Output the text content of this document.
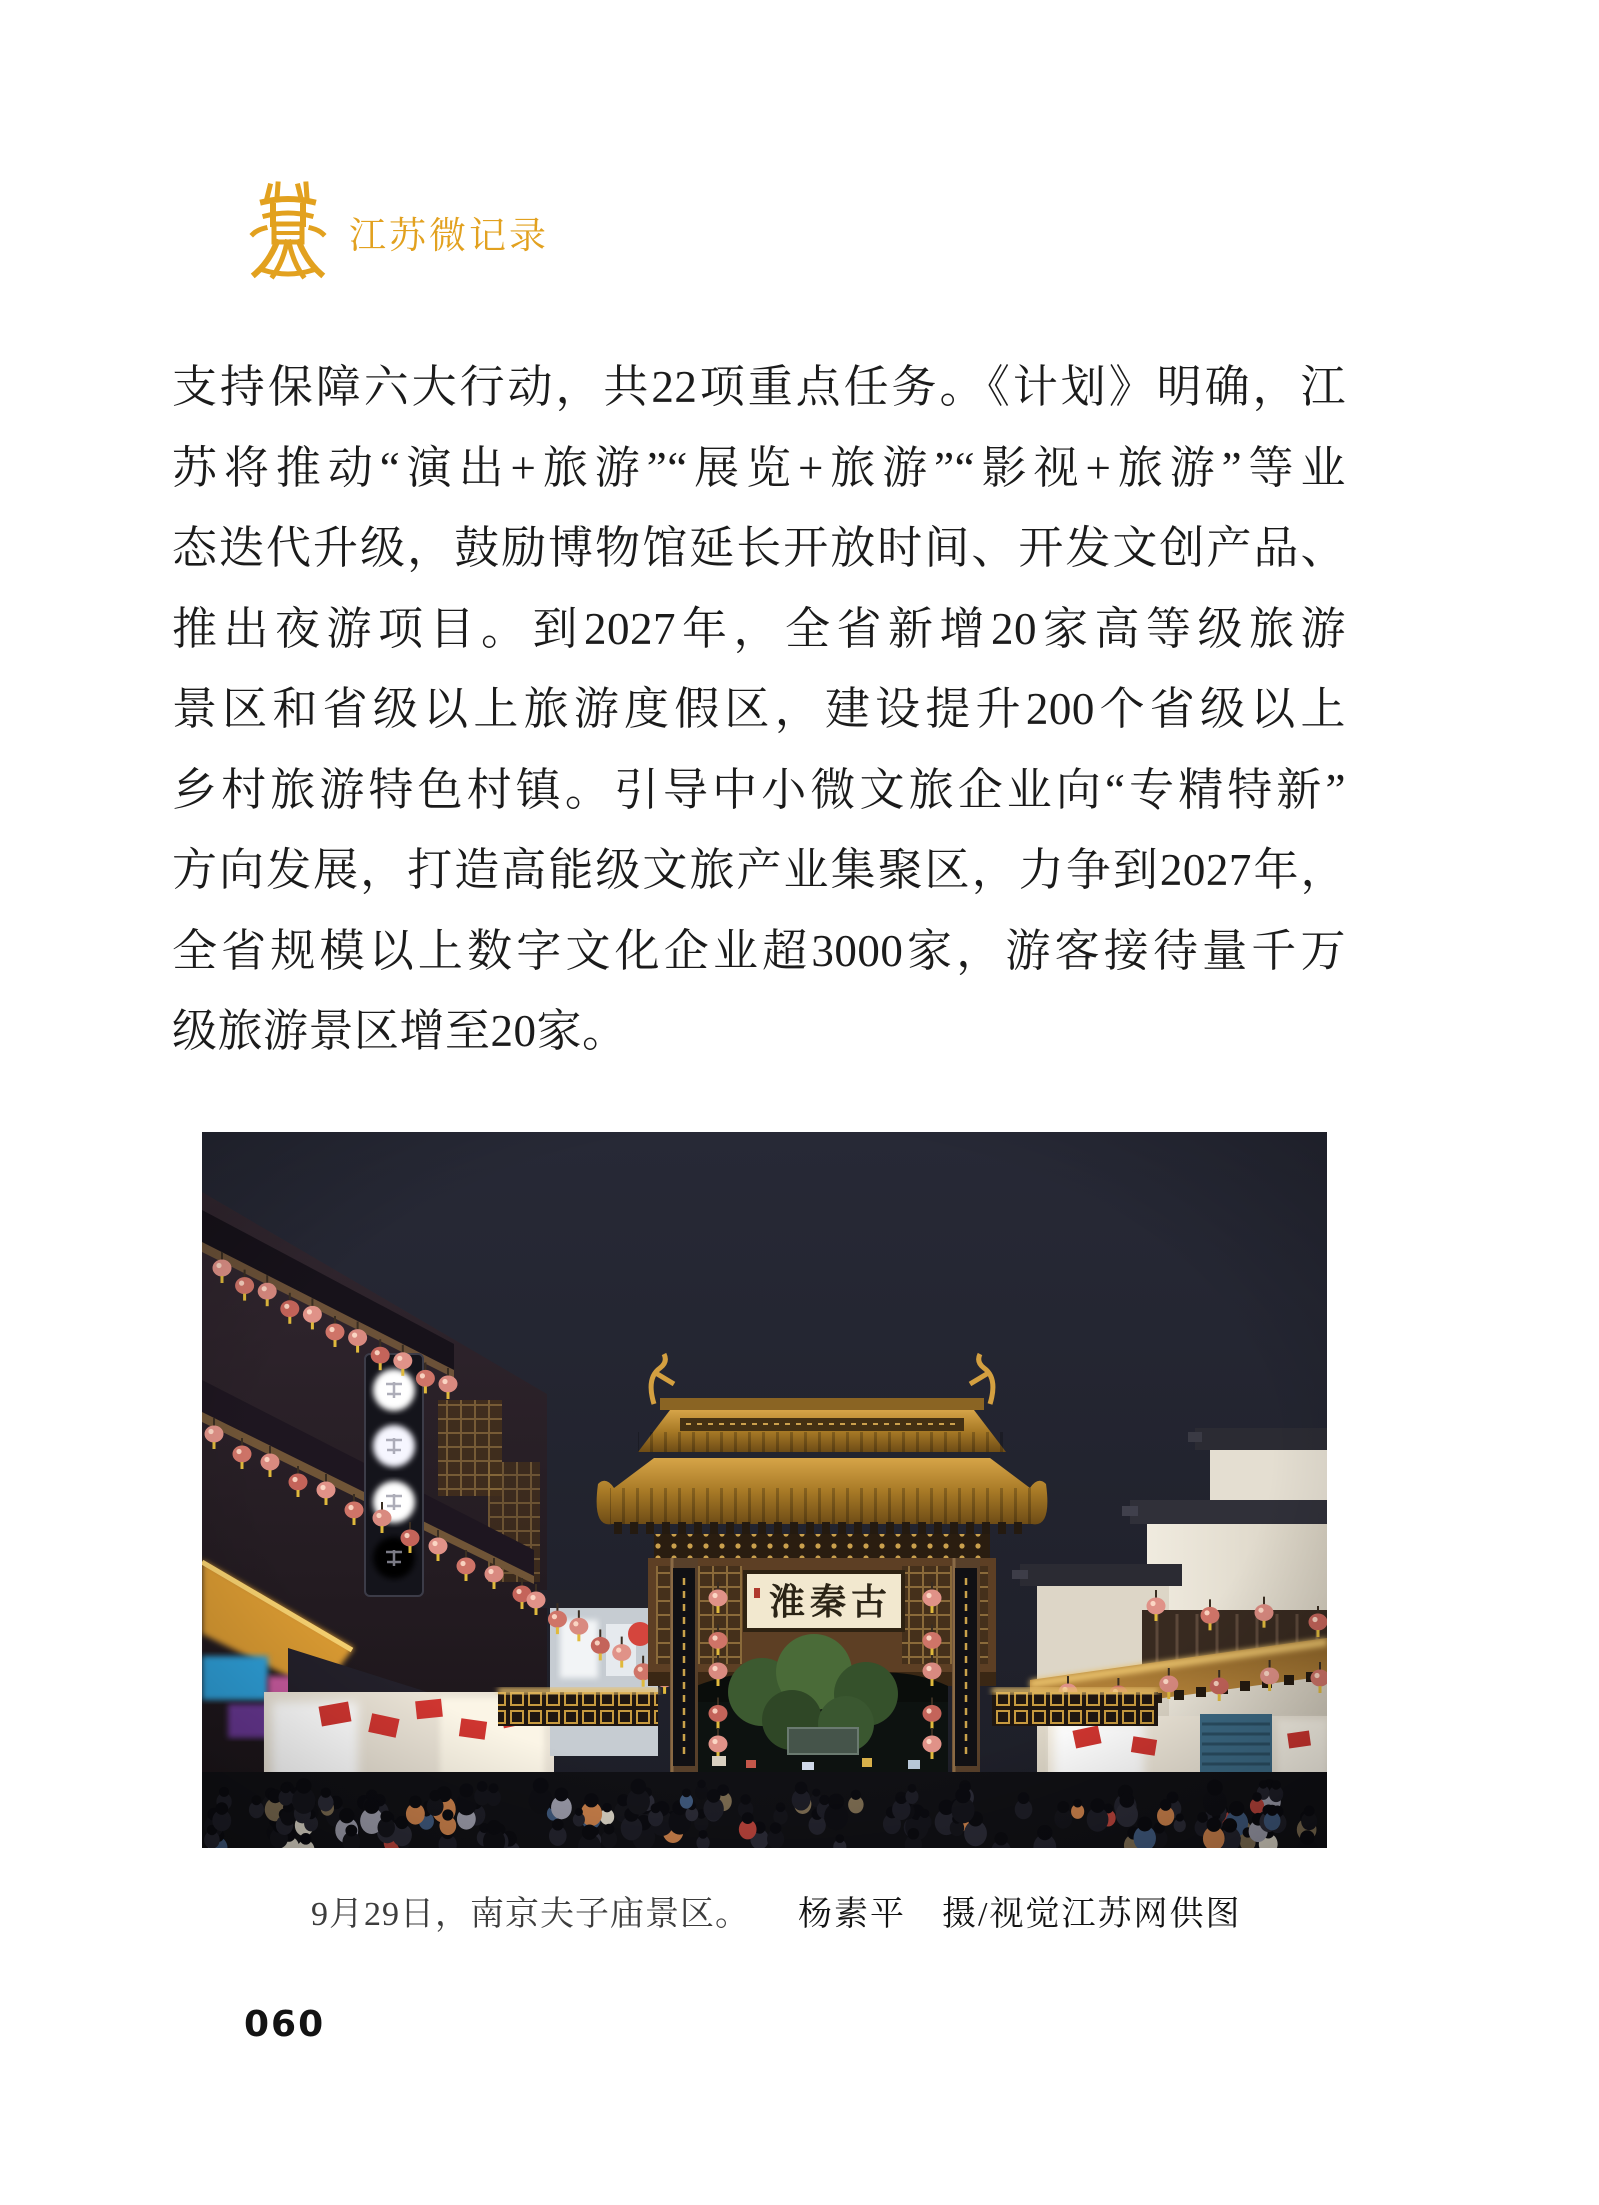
江苏微记录
支持保障六大行动，共22项重点任务。《计划》明确，江
苏将推动“演出+旅游”“展览+旅游”“影视+旅游”等业
态迭代升级，鼓励博物馆延长开放时间、开发文创产品、
推出夜游项目。到2027年，全省新增20家高等级旅游
景区和省级以上旅游度假区，建设提升200个省级以上
乡村旅游特色村镇。引导中小微文旅企业向“专精特新”
方向发展，打造高能级文旅产业集聚区，力争到2027年，
全省规模以上数字文化企业超3000家，游客接待量千万
级旅游景区增至20家。

9月29日，南京夫子庙景区。 杨素平　摄/视觉江苏网供图

060
